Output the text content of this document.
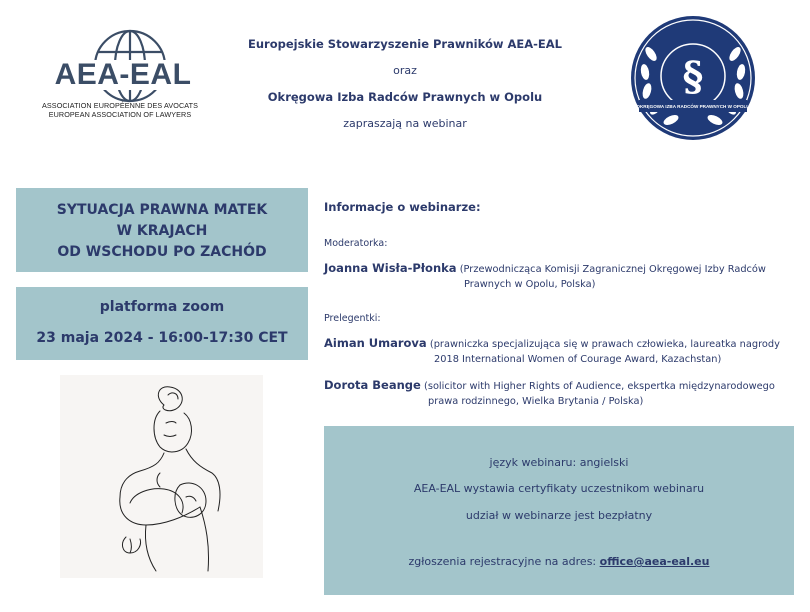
AEA-EAL
ASSOCIATION EUROPÉENNE DES AVOCATS
EUROPEAN ASSOCIATION OF LAWYERS
Europejskie Stowarzyszenie Prawników AEA-EAL
oraz
Okręgowa Izba Radców Prawnych w Opolu
zapraszają na webinar
§
OKRĘGOWA IZBA RADCÓW PRAWNYCH W OPOLU
SYTUACJA PRAWNA MATEK
W KRAJACH
OD WSCHODU PO ZACHÓD
platforma zoom
23 maja 2024 - 16:00-17:30 CET
Informacje o webinarze:
Moderatorka:
Joanna Wisła-Płonka (Przewodnicząca Komisji Zagranicznej Okręgowej Izby Radców
Prawnych w Opolu, Polska)
Prelegentki:
Aiman Umarova (prawniczka specjalizująca się w prawach człowieka, laureatka nagrody
2018 International Women of Courage Award, Kazachstan)
Dorota Beange (solicitor with Higher Rights of Audience, ekspertka międzynarodowego
prawa rodzinnego, Wielka Brytania / Polska)
język webinaru: angielski
AEA-EAL wystawia certyfikaty uczestnikom webinaru
udział w webinarze jest bezpłatny
zgłoszenia rejestracyjne na adres: office@aea-eal.eu
